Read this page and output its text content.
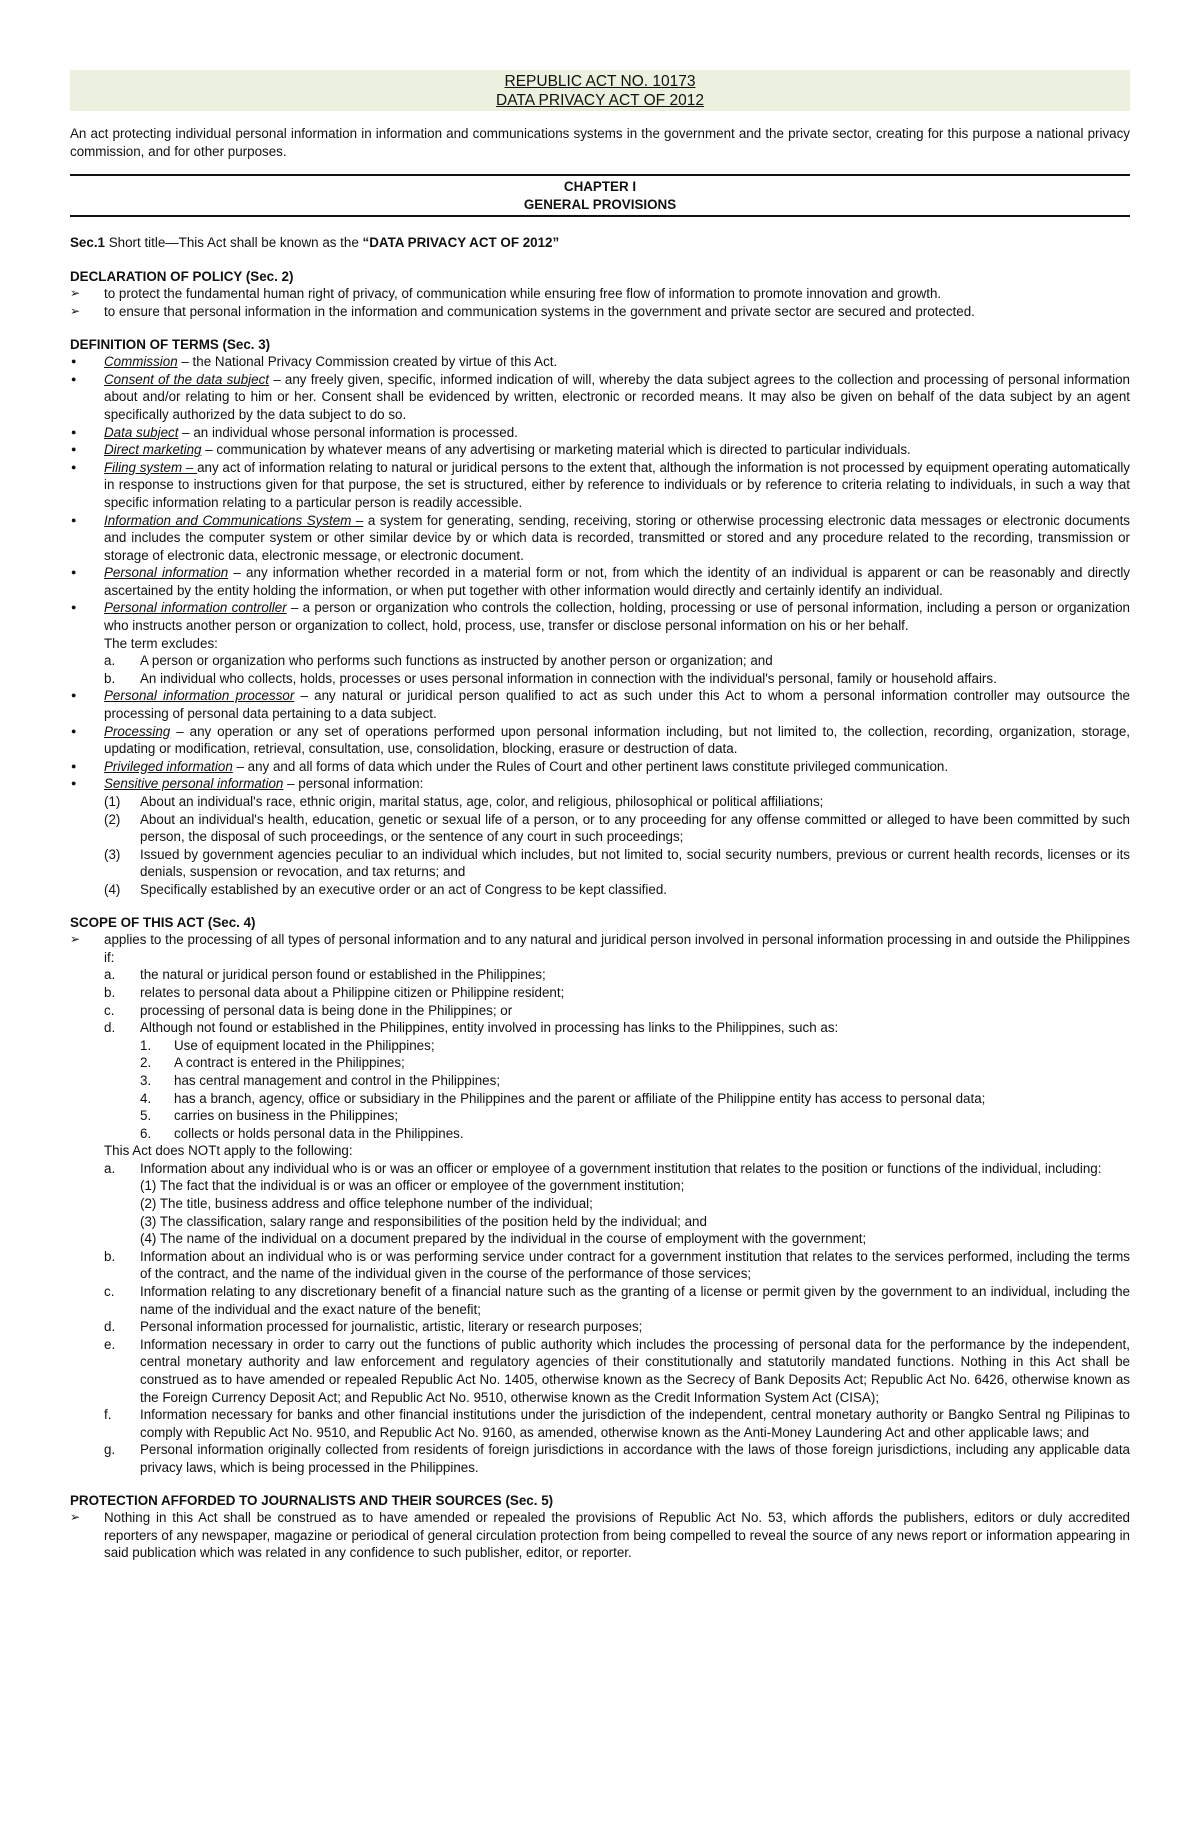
REPUBLIC ACT NO. 10173
DATA PRIVACY ACT OF 2012

An act protecting individual personal information in information and communications systems in the government and the private sector, creating for this purpose a national privacy commission, and for other purposes.

CHAPTER I
GENERAL PROVISIONS

Sec.1 Short title—This Act shall be known as the “DATA PRIVACY ACT OF 2012”

DECLARATION OF POLICY (Sec. 2)

➢ to protect the fundamental human right of privacy, of communication while ensuring free flow of information to promote innovation and growth.
➢ to ensure that personal information in the information and communication systems in the government and private sector are secured and protected.

DEFINITION OF TERMS (Sec. 3)

● Commission – the National Privacy Commission created by virtue of this Act.
● Consent of the data subject – any freely given, specific, informed indication of will, whereby the data subject agrees to the collection and processing of personal information about and/or relating to him or her. Consent shall be evidenced by written, electronic or recorded means. It may also be given on behalf of the data subject by an agent specifically authorized by the data subject to do so.
● Data subject – an individual whose personal information is processed.
● Direct marketing – communication by whatever means of any advertising or marketing material which is directed to particular individuals.
● Filing system – any act of information relating to natural or juridical persons to the extent that, although the information is not processed by equipment operating automatically in response to instructions given for that purpose, the set is structured, either by reference to individuals or by reference to criteria relating to individuals, in such a way that specific information relating to a particular person is readily accessible.
● Information and Communications System – a system for generating, sending, receiving, storing or otherwise processing electronic data messages or electronic documents and includes the computer system or other similar device by or which data is recorded, transmitted or stored and any procedure related to the recording, transmission or storage of electronic data, electronic message, or electronic document.
● Personal information – any information whether recorded in a material form or not, from which the identity of an individual is apparent or can be reasonably and directly ascertained by the entity holding the information, or when put together with other information would directly and certainly identify an individual.
● Personal information controller – a person or organization who controls the collection, holding, processing or use of personal information, including a person or organization who instructs another person or organization to collect, hold, process, use, transfer or disclose personal information on his or her behalf.
The term excludes:
a. A person or organization who performs such functions as instructed by another person or organization; and
b. An individual who collects, holds, processes or uses personal information in connection with the individual's personal, family or household affairs.
● Personal information processor – any natural or juridical person qualified to act as such under this Act to whom a personal information controller may outsource the processing of personal data pertaining to a data subject.
● Processing – any operation or any set of operations performed upon personal information including, but not limited to, the collection, recording, organization, storage, updating or modification, retrieval, consultation, use, consolidation, blocking, erasure or destruction of data.
● Privileged information – any and all forms of data which under the Rules of Court and other pertinent laws constitute privileged communication.
● Sensitive personal information – personal information:
(1) About an individual's race, ethnic origin, marital status, age, color, and religious, philosophical or political affiliations;
(2) About an individual's health, education, genetic or sexual life of a person, or to any proceeding for any offense committed or alleged to have been committed by such person, the disposal of such proceedings, or the sentence of any court in such proceedings;
(3) Issued by government agencies peculiar to an individual which includes, but not limited to, social security numbers, previous or current health records, licenses or its denials, suspension or revocation, and tax returns; and
(4) Specifically established by an executive order or an act of Congress to be kept classified.

SCOPE OF THIS ACT (Sec. 4)

➢ applies to the processing of all types of personal information and to any natural and juridical person involved in personal information processing in and outside the Philippines if:
a. the natural or juridical person found or established in the Philippines;
b. relates to personal data about a Philippine citizen or Philippine resident;
c. processing of personal data is being done in the Philippines; or
d. Although not found or established in the Philippines, entity involved in processing has links to the Philippines, such as:
1. Use of equipment located in the Philippines;
2. A contract is entered in the Philippines;
3. has central management and control in the Philippines;
4. has a branch, agency, office or subsidiary in the Philippines and the parent or affiliate of the Philippine entity has access to personal data;
5. carries on business in the Philippines;
6. collects or holds personal data in the Philippines.
This Act does NOTt apply to the following:
a. Information about any individual who is or was an officer or employee of a government institution that relates to the position or functions of the individual, including:
(1) The fact that the individual is or was an officer or employee of the government institution;
(2) The title, business address and office telephone number of the individual;
(3) The classification, salary range and responsibilities of the position held by the individual; and
(4) The name of the individual on a document prepared by the individual in the course of employment with the government;
b. Information about an individual who is or was performing service under contract for a government institution that relates to the services performed, including the terms of the contract, and the name of the individual given in the course of the performance of those services;
c. Information relating to any discretionary benefit of a financial nature such as the granting of a license or permit given by the government to an individual, including the name of the individual and the exact nature of the benefit;
d. Personal information processed for journalistic, artistic, literary or research purposes;
e. Information necessary in order to carry out the functions of public authority which includes the processing of personal data for the performance by the independent, central monetary authority and law enforcement and regulatory agencies of their constitutionally and statutorily mandated functions. Nothing in this Act shall be construed as to have amended or repealed Republic Act No. 1405, otherwise known as the Secrecy of Bank Deposits Act; Republic Act No. 6426, otherwise known as the Foreign Currency Deposit Act; and Republic Act No. 9510, otherwise known as the Credit Information System Act (CISA);
f. Information necessary for banks and other financial institutions under the jurisdiction of the independent, central monetary authority or Bangko Sentral ng Pilipinas to comply with Republic Act No. 9510, and Republic Act No. 9160, as amended, otherwise known as the Anti-Money Laundering Act and other applicable laws; and
g. Personal information originally collected from residents of foreign jurisdictions in accordance with the laws of those foreign jurisdictions, including any applicable data privacy laws, which is being processed in the Philippines.

PROTECTION AFFORDED TO JOURNALISTS AND THEIR SOURCES (Sec. 5)

➢ Nothing in this Act shall be construed as to have amended or repealed the provisions of Republic Act No. 53, which affords the publishers, editors or duly accredited reporters of any newspaper, magazine or periodical of general circulation protection from being compelled to reveal the source of any news report or information appearing in said publication which was related in any confidence to such publisher, editor, or reporter.
